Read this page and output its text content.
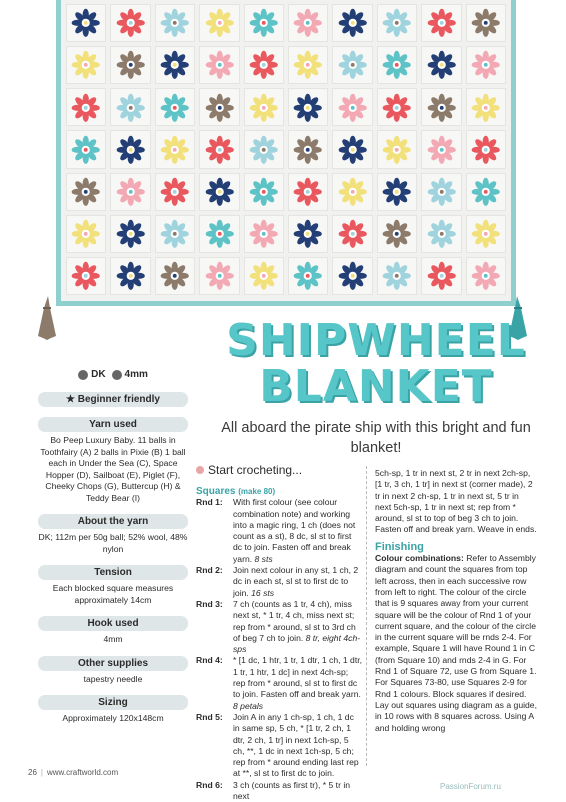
SHIPWHEEL
BLANKET
All aboard the pirate ship with this bright and fun blanket!
DK	4mm
★ Beginner friendly
Yarn used

Bo Peep Luxury Baby. 11 balls in Toothfairy (A) 2 balls in Pixie (B) 1 ball each in Under the Sea (C), Space Hopper (D), Sailboat (E), Piglet (F), Cheeky Chops (G), Buttercup (H) & Teddy Bear (I)

About the yarn

DK; 112m per 50g ball; 52% wool, 48% nylon

Tension

Each blocked square measures approximately 14cm

Hook used

4mm

Other supplies

tapestry needle

Sizing

Approximately 120x148cm

Start crocheting...
Squares (make 80)
Rnd 1:	With first colour (see colour combination note) and working into a magic ring, 1 ch (does not count as a st), 8 dc, sl st to first dc to join. Fasten off and break yarn. 8 sts
Rnd 2:	Join next colour in any st, 1 ch, 2 dc in each st, sl st to first dc to join. 16 sts
Rnd 3:	7 ch (counts as 1 tr, 4 ch), miss next st, * 1 tr, 4 ch, miss next st; rep from * around, sl st to 3rd ch of beg 7 ch to join. 8 tr, eight 4ch-sps
Rnd 4:	* [1 dc, 1 htr, 1 tr, 1 dtr, 1 ch, 1 dtr, 1 tr, 1 htr, 1 dc] in next 4ch-sp; rep from * around, sl st to first dc to join. Fasten off and break yarn. 8 petals
Rnd 5:	Join A in any 1 ch-sp, 1 ch, 1 dc in same sp, 5 ch, * [1 tr, 2 ch, 1 dtr, 2 ch, 1 tr] in next 1ch-sp, 5 ch, **, 1 dc in next 1ch-sp, 5 ch; rep from * around ending last rep at **, sl st to first dc to join.
Rnd 6:	3 ch (counts as first tr), * 5 tr in next

5ch-sp, 1 tr in next st, 2 tr in next 2ch-sp, [1 tr, 3 ch, 1 tr] in next st (corner made), 2 tr in next 2 ch-sp, 1 tr in next st, 5 tr in next 5ch-sp, 1 tr in next st; rep from * around, sl st to top of beg 3 ch to join. Fasten off and break yarn. Weave in ends.

Finishing

Colour combinations: Refer to Assembly diagram and count the squares from top left across, then in each successive row from left to right. The colour of the circle that is 9 squares away from your current square will be the colour of Rnd 1 of your current square, and the colour of the circle in the current square will be rnds 2-4. For example, Square 1 will have Round 1 in C (from Square 10) and rnds 2-4 in G. For Rnd 1 of Square 72, use G from Square 1. For Squares 73-80, use Squares 2-9 for Rnd 1 colours. Block squares if desired. Lay out squares using diagram as a guide, in 10 rows with 8 squares across. Using A and holding wrong

26 | www.craftworld.com
PassionForum.ru
